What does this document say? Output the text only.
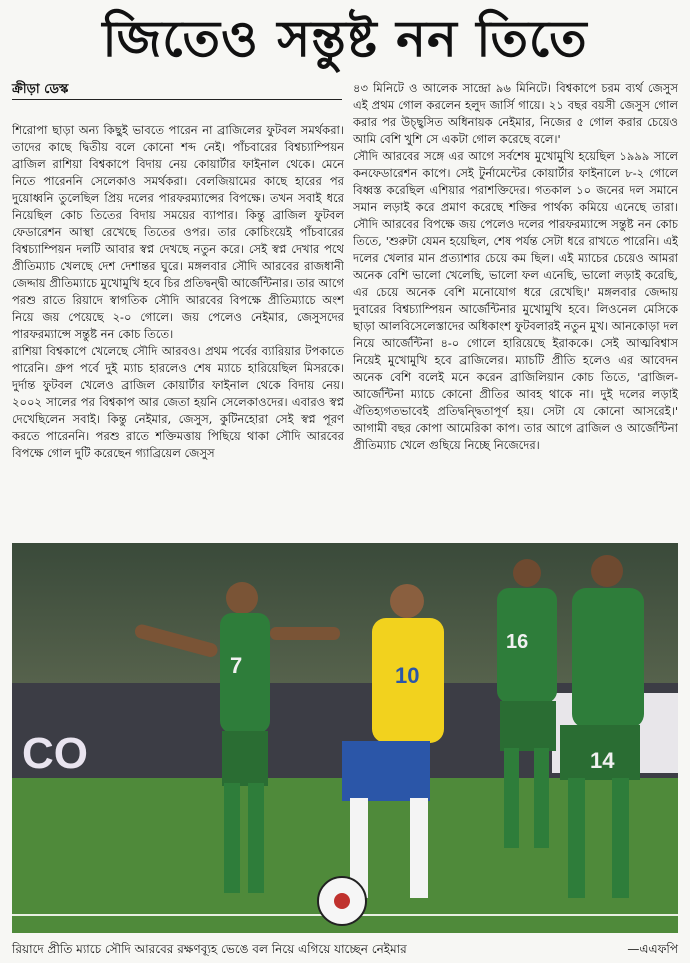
জিতেও সন্তুষ্ট নন তিতে
ক্রীড়া ডেস্ক

শিরোপা ছাড়া অন্য কিছুই ভাবতে পারেন না ব্রাজিলের ফুটবল সমর্থকরা। তাদের কাছে দ্বিতীয় বলে কোনো শব্দ নেই। পাঁচবারের বিশ্বচ্যাম্পিয়ন ব্রাজিল রাশিয়া বিশ্বকাপে বিদায় নেয় কোয়ার্টার ফাইনাল থেকে। মেনে নিতে পারেননি সেলেকাও সমর্থকরা। বেলজিয়ামের কাছে হারের পর দুয়োধ্বনি তুলেছিল প্রিয় দলের পারফরম্যান্সের বিপক্ষে। তখন সবাই ধরে নিয়েছিল কোচ তিতের বিদায় সময়ের ব্যাপার। কিন্তু ব্রাজিল ফুটবল ফেডারেশন আস্থা রেখেছে তিতের ওপর। তার কোচিংয়েই পাঁচবারের বিশ্বচ্যাম্পিয়ন দলটি আবার স্বপ্ন দেখছে নতুন করে। সেই স্বপ্ন দেখার পথে প্রীতিম্যাচ খেলছে দেশ দেশান্তর ঘুরে। মঙ্গলবার সৌদি আরবের রাজধানী জেদ্দায় প্রীতিম্যাচে মুখোমুখি হবে চির প্রতিদ্বন্দ্বী আর্জেন্টিনার। তার আগে পরশু রাতে রিয়াদে স্বাগতিক সৌদি আরবের বিপক্ষে প্রীতিম্যাচে অংশ নিয়ে জয় পেয়েছে ২-০ গোলে। জয় পেলেও নেইমার, জেসুসদের পারফরম্যান্সে সন্তুষ্ট নন কোচ তিতে।

রাশিয়া বিশ্বকাপে খেলেছে সৌদি আরবও। প্রথম পর্বের ব্যারিয়ার টপকাতে পারেনি। গ্রুপ পর্বে দুই ম্যাচ হারলেও শেষ ম্যাচে হারিয়েছিল মিসরকে। দুর্দান্ত ফুটবল খেলেও ব্রাজিল কোয়ার্টার ফাইনাল থেকে বিদায় নেয়। ২০০২ সালের পর বিশ্বকাপ আর জেতা হয়নি সেলেকাওদের। এবারও স্বপ্ন দেখেছিলেন সবাই। কিন্তু নেইমার, জেসুস, কুটিনহোরা সেই স্বপ্ন পূরণ করতে পারেননি। পরশু রাতে শক্তিমত্তায় পিছিয়ে থাকা সৌদি আরবের বিপক্ষে গোল দুটি করেছেন গ্যাব্রিয়েল জেসুস

৪৩ মিনিটে ও আলেক সান্দ্রো ৯৬ মিনিটে। বিশ্বকাপে চরম ব্যর্থ জেসুস এই প্রথম গোল করলেন হলুদ জার্সি গায়ে। ২১ বছর বয়সী জেসুস গোল করার পর উচ্ছ্বসিত অধিনায়ক নেইমার, নিজের ৫ গোল করার চেয়েও আমি বেশি খুশি সে একটা গোল করেছে বলে।'

সৌদি আরবের সঙ্গে এর আগে সর্বশেষ মুখোমুখি হয়েছিল ১৯৯৯ সালে কনফেডারেশন কাপে। সেই টুর্নামেন্টের কোয়ার্টার ফাইনালে ৮-২ গোলে বিধ্বস্ত করেছিল এশিয়ার পরাশক্তিদের। গতকাল ১০ জনের দল সমানে সমান লড়াই করে প্রমাণ করেছে শক্তির পার্থক্য কমিয়ে এনেছে তারা। সৌদি আরবের বিপক্ষে জয় পেলেও দলের পারফরম্যান্সে সন্তুষ্ট নন কোচ তিতে, 'শুরুটা যেমন হয়েছিল, শেষ পর্যন্ত সেটা ধরে রাখতে পারেনি। এই দলের খেলার মান প্রত্যাশার চেয়ে কম ছিল। এই ম্যাচের চেয়েও আমরা অনেক বেশি ভালো খেলেছি, ভালো ফল এনেছি, ভালো লড়াই করেছি, এর চেয়ে অনেক বেশি মনোযোগ ধরে রেখেছি।' মঙ্গলবার জেদ্দায় দুবারের বিশ্বচ্যাম্পিয়ন আর্জেন্টিনার মুখোমুখি হবে। লিওনেল মেসিকে ছাড়া আলবিসেলেস্তাদের অধিকাংশ ফুটবলারই নতুন মুখ। আনকোড়া দল নিয়ে আর্জেন্টিনা ৪-০ গোলে হারিয়েছে ইরাককে। সেই আত্মবিশ্বাস নিয়েই মুখোমুখি হবে ব্রাজিলের। ম্যাচটি প্রীতি হলেও এর আবেদন অনেক বেশি বলেই মনে করেন ব্রাজিলিয়ান কোচ তিতে, 'ব্রাজিল-আর্জেন্টিনা ম্যাচে কোনো প্রীতির আবহ থাকে না। দুই দলের লড়াই ঐতিহ্যগতভাবেই প্রতিদ্বন্দ্বিতাপূর্ণ হয়। সেটা যে কোনো আসরেই।' আগামী বছর কোপা আমেরিকা কাপ। তার আগে ব্রাজিল ও আর্জেন্টিনা প্রীতিম্যাচ খেলে গুছিয়ে নিচ্ছে নিজেদের।

CO
7	10
16
14
রিয়াদে প্রীতি ম্যাচে সৌদি আরবের রক্ষণব্যূহ ভেঙে বল নিয়ে এগিয়ে যাচ্ছেন নেইমার	—এএফপি
